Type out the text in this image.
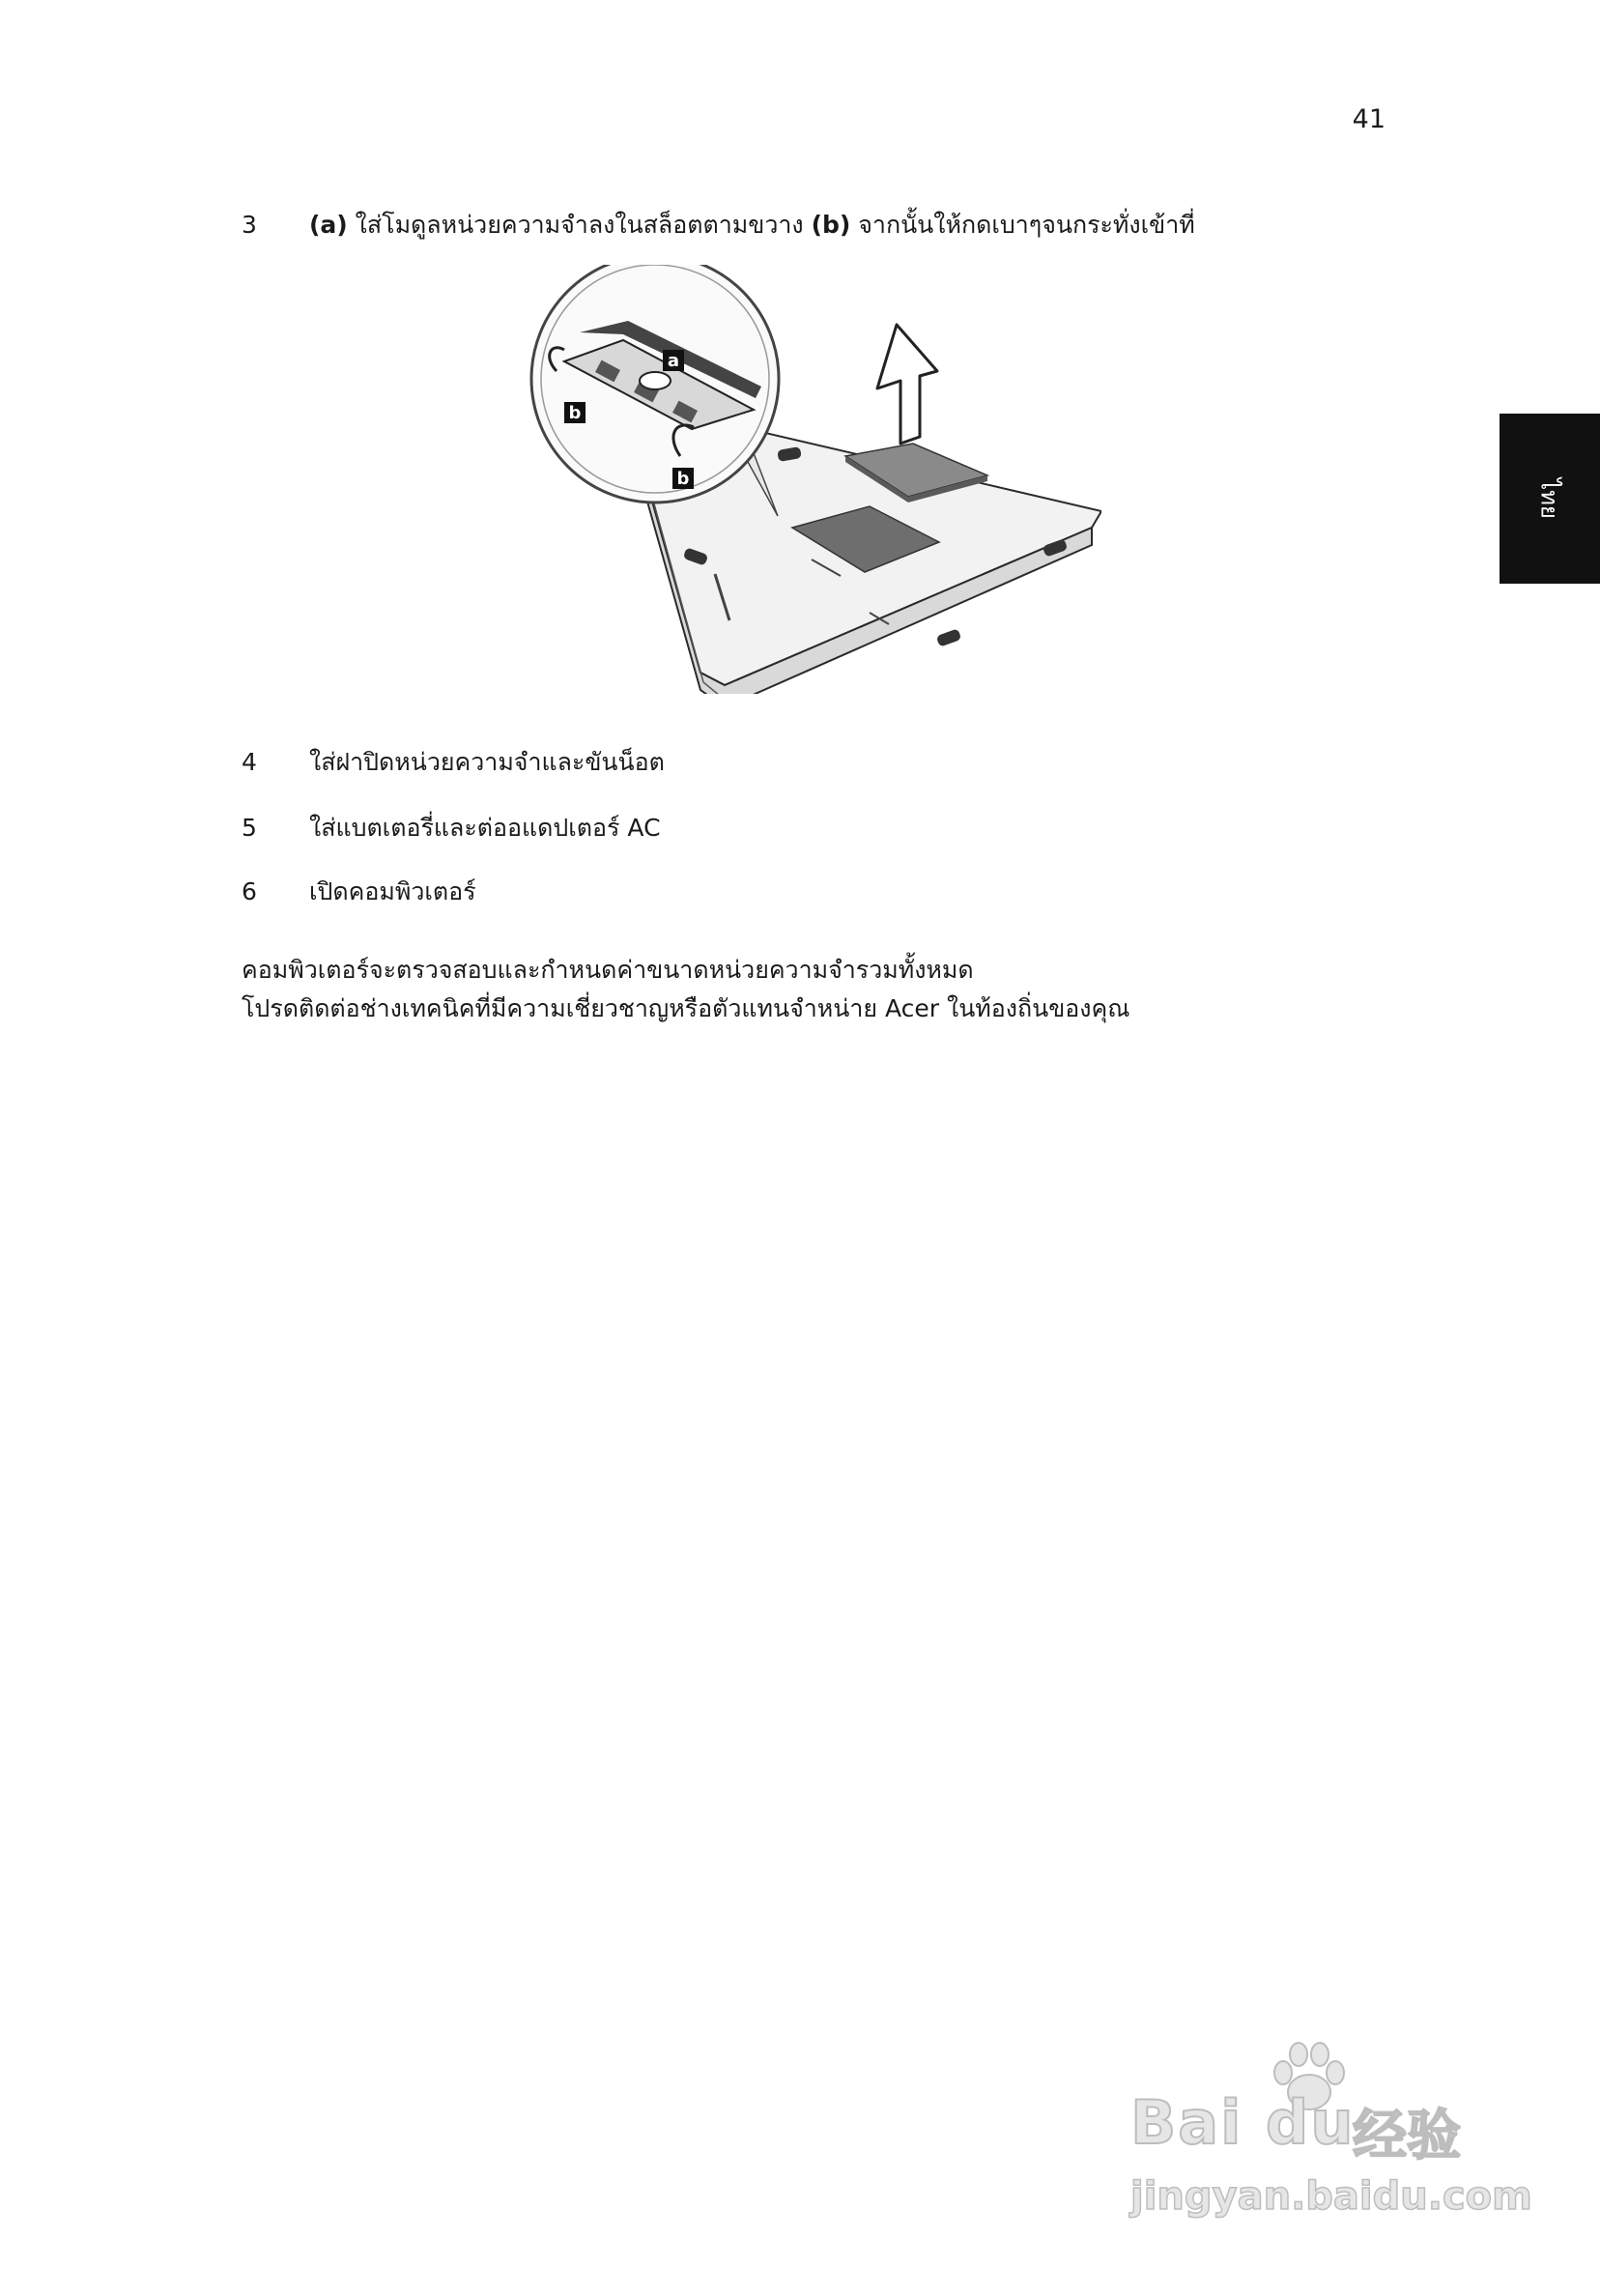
41
ไทย
3	(a) ใส่โมดูลหน่วยความจำลงในสล็อตตามขวาง (b) จากนั้นให้กดเบาๆจนกระทั่งเข้าที่
a
b
b
4	ใส่ฝาปิดหน่วยความจำและขันน็อต
5	ใส่แบตเตอรี่และต่ออแดปเตอร์ AC
6	เปิดคอมพิวเตอร์
คอมพิวเตอร์จะตรวจสอบและกำหนดค่าขนาดหน่วยความจำรวมทั้งหมด
โปรดติดต่อช่างเทคนิคที่มีความเชี่ยวชาญหรือตัวแทนจำหน่าย Acer ในท้องถิ่นของคุณ
Bai du
经验
jingyan.baidu.com
